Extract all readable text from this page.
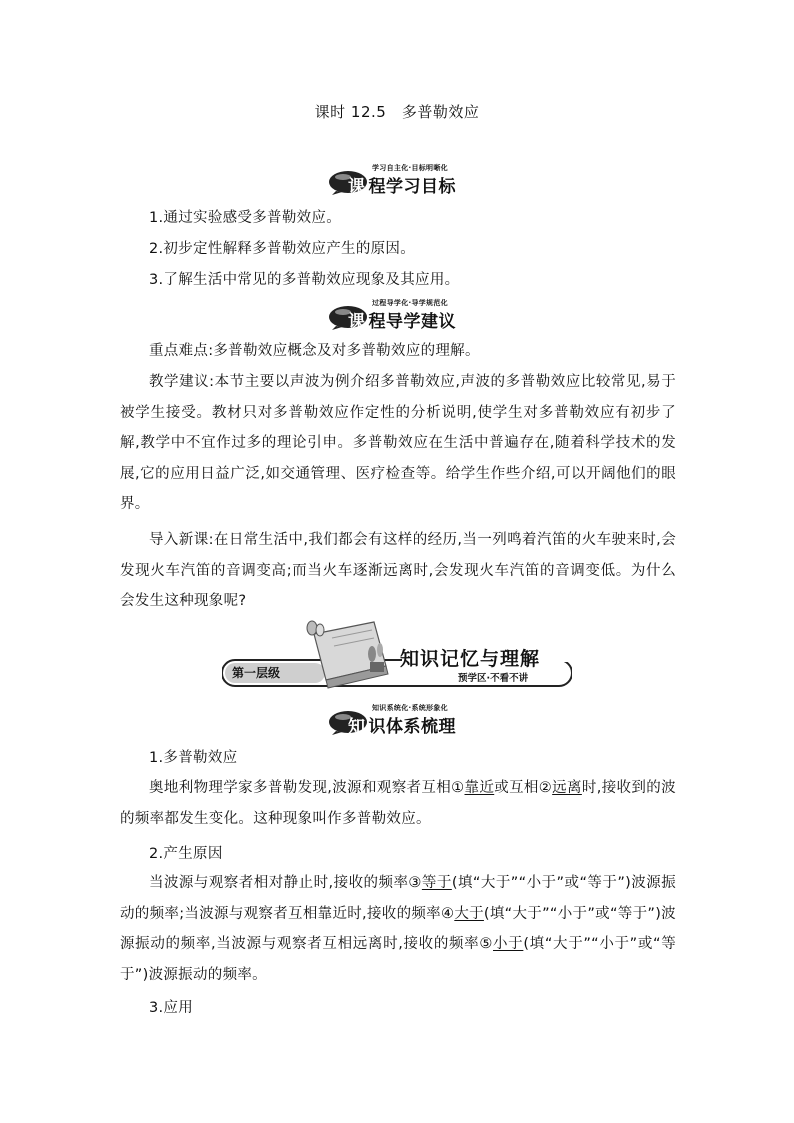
课时 12.5　多普勒效应
学习自主化·目标明晰化
课 程学习目标
1.通过实验感受多普勒效应。
2.初步定性解释多普勒效应产生的原因。
3.了解生活中常见的多普勒效应现象及其应用。
过程导学化·导学规范化
课 程导学建议
重点难点:多普勒效应概念及对多普勒效应的理解。
教学建议:本节主要以声波为例介绍多普勒效应,声波的多普勒效应比较常见,易于被学生接受。教材只对多普勒效应作定性的分析说明,使学生对多普勒效应有初步了解,教学中不宜作过多的理论引申。多普勒效应在生活中普遍存在,随着科学技术的发展,它的应用日益广泛,如交通管理、医疗检查等。给学生作些介绍,可以开阔他们的眼界。
导入新课:在日常生活中,我们都会有这样的经历,当一列鸣着汽笛的火车驶来时,会发现火车汽笛的音调变高;而当火车逐渐远离时,会发现火车汽笛的音调变低。为什么会发生这种现象呢?
第一层级
知识记忆与理解
预学区·不看不讲
知识系统化·系统形象化
知 识体系梳理
1.多普勒效应
奥地利物理学家多普勒发现,波源和观察者互相①靠近或互相②远离时,接收到的波的频率都发生变化。这种现象叫作多普勒效应。
2.产生原因
当波源与观察者相对静止时,接收的频率③等于(填“大于”“小于”或“等于”)波源振动的频率;当波源与观察者互相靠近时,接收的频率④大于(填“大于”“小于”或“等于”)波源振动的频率,当波源与观察者互相远离时,接收的频率⑤小于(填“大于”“小于”或“等于”)波源振动的频率。
3.应用
